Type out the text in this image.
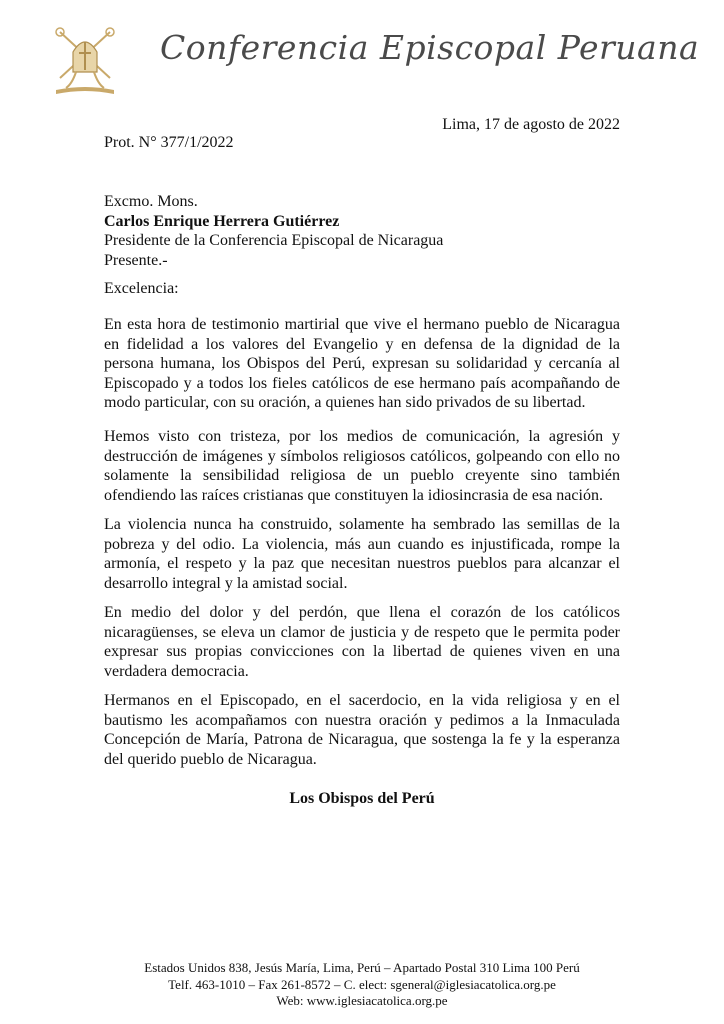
Conferencia Episcopal Peruana
Lima, 17 de agosto de 2022
Prot. N° 377/1/2022
Excmo. Mons.
Carlos Enrique Herrera Gutiérrez
Presidente de la Conferencia Episcopal de Nicaragua
Presente.-
Excelencia:
En esta hora de testimonio martirial que vive el hermano pueblo de Nicaragua en fidelidad a los valores del Evangelio y en defensa de la dignidad de la persona humana, los Obispos del Perú, expresan su solidaridad y cercanía al Episcopado y a todos los fieles católicos de ese hermano país acompañando de modo particular, con su oración, a quienes han sido privados de su libertad.
Hemos visto con tristeza, por los medios de comunicación, la agresión y destrucción de imágenes y símbolos religiosos católicos, golpeando con ello no solamente la sensibilidad religiosa de un pueblo creyente sino también ofendiendo las raíces cristianas que constituyen la idiosincrasia de esa nación.
La violencia nunca ha construido, solamente ha sembrado las semillas de la pobreza y del odio. La violencia, más aun cuando es injustificada, rompe la armonía, el respeto y la paz que necesitan nuestros pueblos para alcanzar el desarrollo integral y la amistad social.
En medio del dolor y del perdón, que llena el corazón de los católicos nicaragüenses, se eleva un clamor de justicia y de respeto que le permita poder expresar sus propias convicciones con la libertad de quienes viven en una verdadera democracia.
Hermanos en el Episcopado, en el sacerdocio, en la vida religiosa y en el bautismo les acompañamos con nuestra oración y pedimos a la Inmaculada Concepción de María, Patrona de Nicaragua, que sostenga la fe y la esperanza del querido pueblo de Nicaragua.
Los Obispos del Perú
Estados Unidos 838, Jesús María, Lima, Perú – Apartado Postal 310 Lima 100 Perú
Telf. 463-1010 – Fax 261-8572 – C. elect: sgeneral@iglesiacatolica.org.pe
Web: www.iglesiacatolica.org.pe
